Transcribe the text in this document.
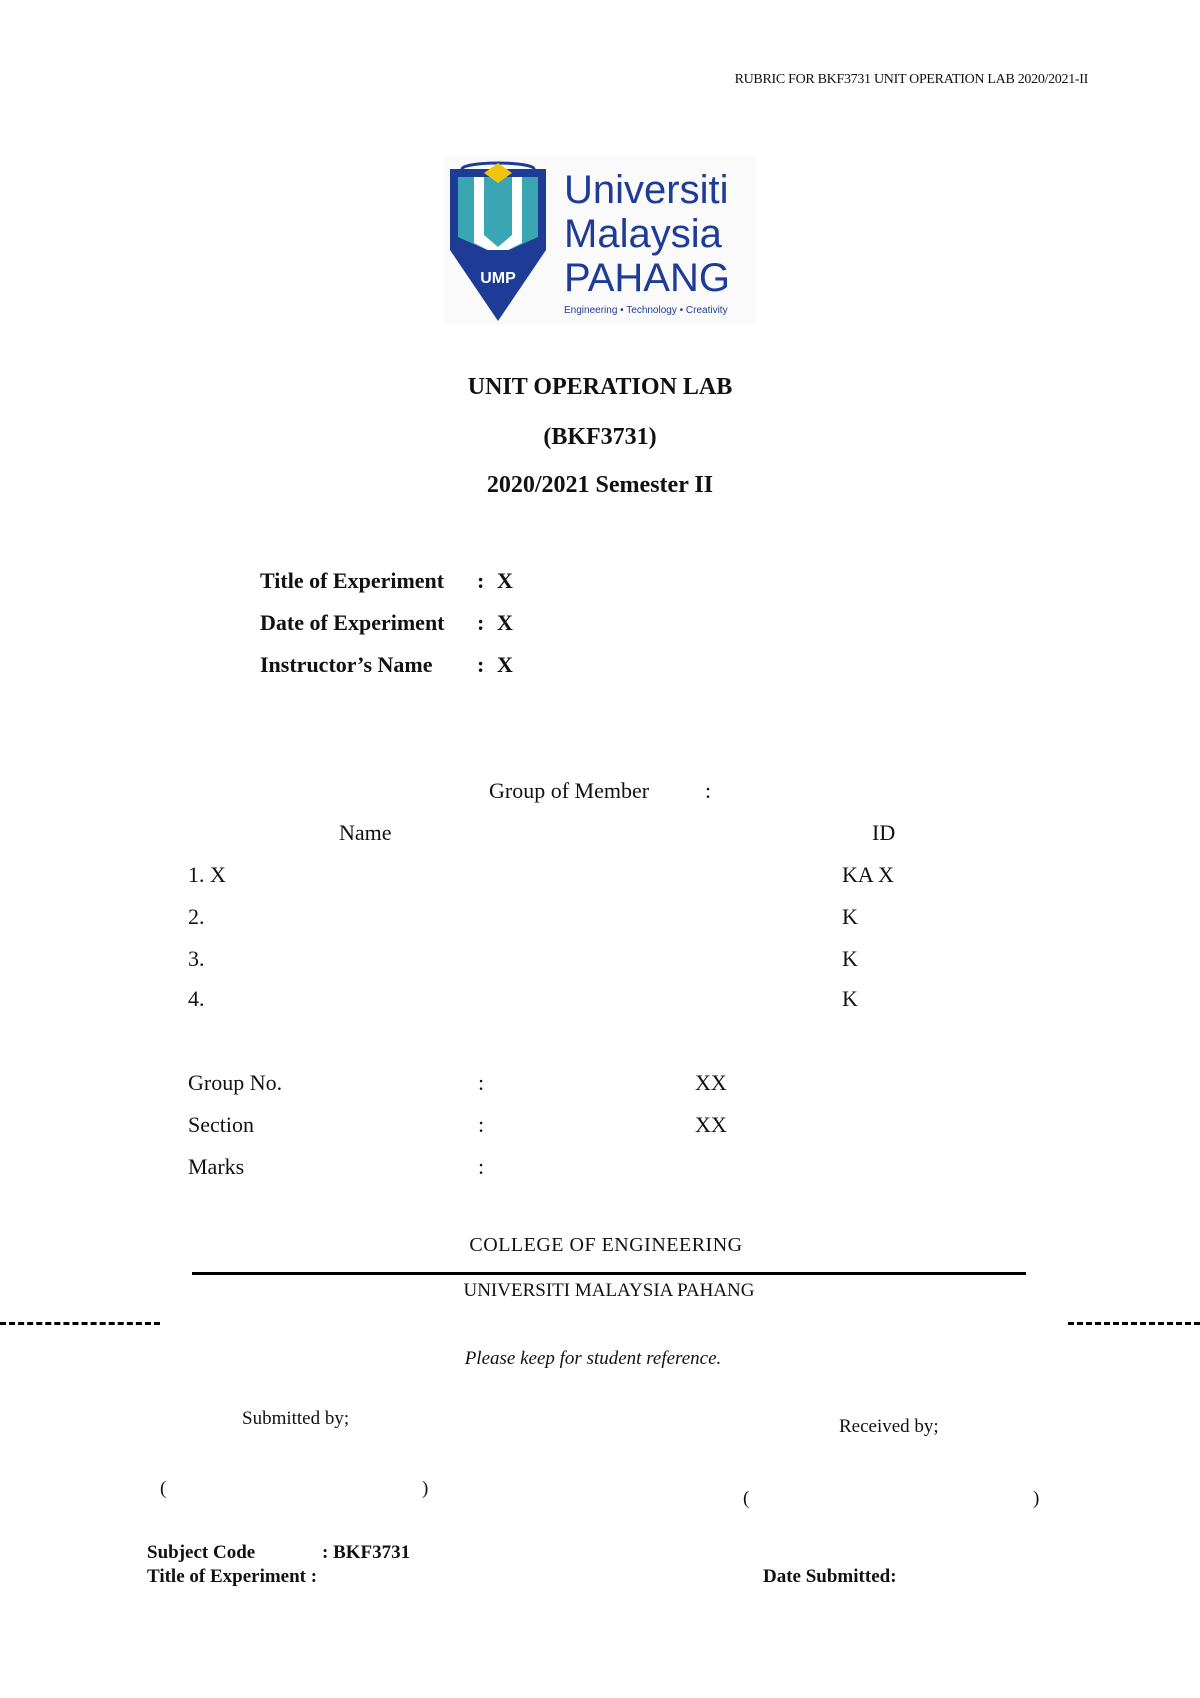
RUBRIC FOR BKF3731 UNIT OPERATION LAB 2020/2021-II
UMP
Universiti
Malaysia
PAHANG
Engineering • Technology • Creativity
UNIT OPERATION LAB
(BKF3731)
2020/2021 Semester II
Title of Experiment : X
Date of Experiment : X
Instructor’s Name : X
Group of Member	:
Name	ID
1. X	KA X
2.	K
3.	K
4.	K
Group No.	:	XX
Section	:	XX
Marks	:
COLLEGE OF ENGINEERING
UNIVERSITI MALAYSIA PAHANG
Please keep for student reference.
Submitted by;	Received by;
(	)	(	)
Subject Code	: BKF3731
Title of Experiment :	Date Submitted:
